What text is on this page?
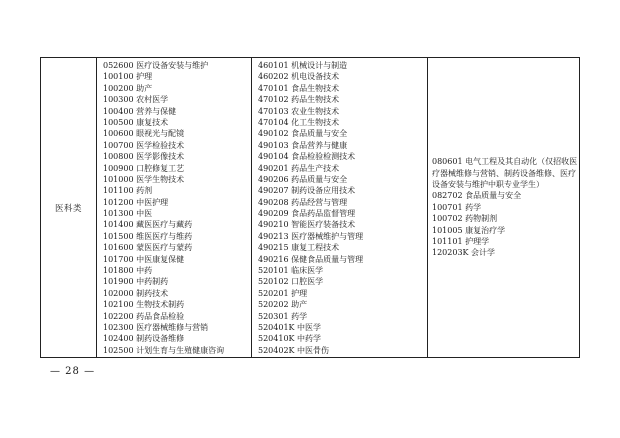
医科类	
052600 医疗设备安装与维护
100100 护理
100200 助产
100300 农村医学
100400 营养与保健
100500 康复技术
100600 眼视光与配镜
100700 医学检验技术
100800 医学影像技术
100900 口腔修复工艺
101000 医学生物技术
101100 药剂
101200 中医护理
101300 中医
101400 藏医医疗与藏药
101500 维医医疗与维药
101600 蒙医医疗与蒙药
101700 中医康复保健
101800 中药
101900 中药制药
102000 制药技术
102100 生物技术制药
102200 药品食品检验
102300 医疗器械维修与营销
102400 制药设备维修
102500 计划生育与生殖健康咨询

460101 机械设计与制造
460202 机电设备技术
470101 食品生物技术
470102 药品生物技术
470103 农业生物技术
470104 化工生物技术
490102 食品质量与安全
490103 食品营养与健康
490104 食品检验检测技术
490201 药品生产技术
490206 药品质量与安全
490207 制药设备应用技术
490208 药品经营与管理
490209 食品药品监督管理
490210 智能医疗装备技术
490213 医疗器械维护与管理
490215 康复工程技术
490216 保健食品质量与管理
520101 临床医学
520102 口腔医学
520201 护理
520202 助产
520301 药学
520401K 中医学
520410K 中药学
520402K 中医骨伤

080601 电气工程及其自动化（仅招收医疗器械维修与营销、制药设备维修、医疗设备安装与维护中职专业学生）
082702 食品质量与安全
100701 药学
100702 药物制剂
101005 康复治疗学
101101 护理学
120203K 会计学
— 28 —
